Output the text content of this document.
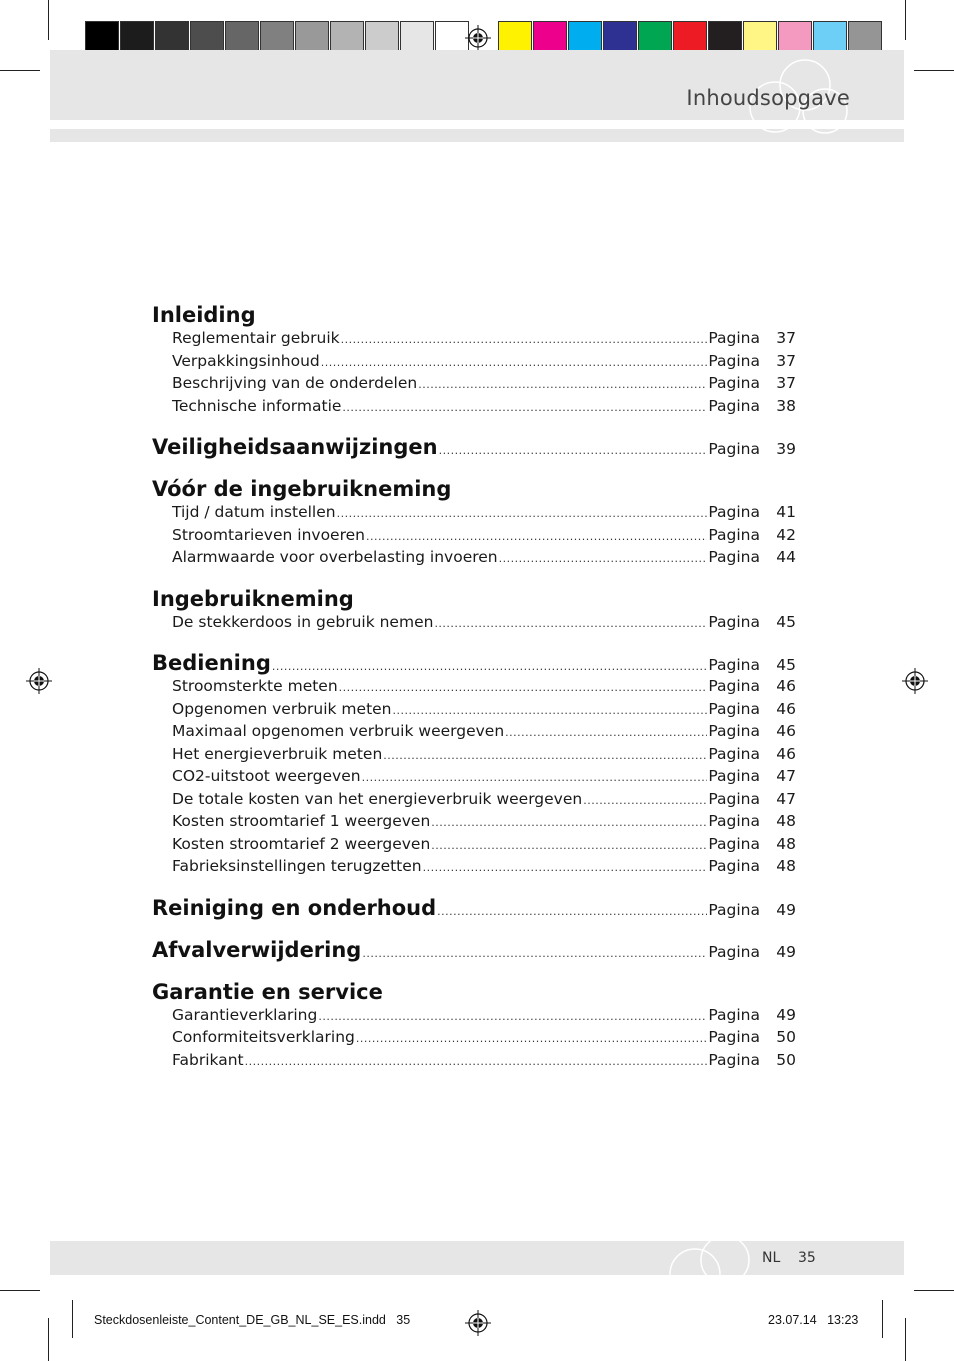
Inhoudsopgave
Inleiding
Reglementair gebruik .....	Pagina 37
Verpakkingsinhoud .....	Pagina 37
Beschrijving van de onderdelen .....	Pagina 37
Technische informatie .....	Pagina 38
Veiligheidsaanwijzingen .....	Pagina 39
Vóór de ingebruikneming
Tijd / datum instellen .....	Pagina 41
Stroomtarieven invoeren .....	Pagina 42
Alarmwaarde voor overbelasting invoeren .....	Pagina 44
Ingebruikneming
De stekkerdoos in gebruik nemen .....	Pagina 45
Bediening .....	Pagina 45
Stroomsterkte meten .....	Pagina 46
Opgenomen verbruik meten .....	Pagina 46
Maximaal opgenomen verbruik weergeven .....	Pagina 46
Het energieverbruik meten .....	Pagina 46
CO2-uitstoot weergeven .....	Pagina 47
De totale kosten van het energieverbruik weergeven .....	Pagina 47
Kosten stroomtarief 1 weergeven .....	Pagina 48
Kosten stroomtarief 2 weergeven .....	Pagina 48
Fabrieksinstellingen terugzetten .....	Pagina 48
Reiniging en onderhoud .....	Pagina 49
Afvalverwijdering .....	Pagina 49
Garantie en service
Garantieverklaring .....	Pagina 49
Conformiteitsverklaring .....	Pagina 50
Fabrikant .....	Pagina 50
NL 35
Steckdosenleiste_Content_DE_GB_NL_SE_ES.indd   35	23.07.14   13:23
